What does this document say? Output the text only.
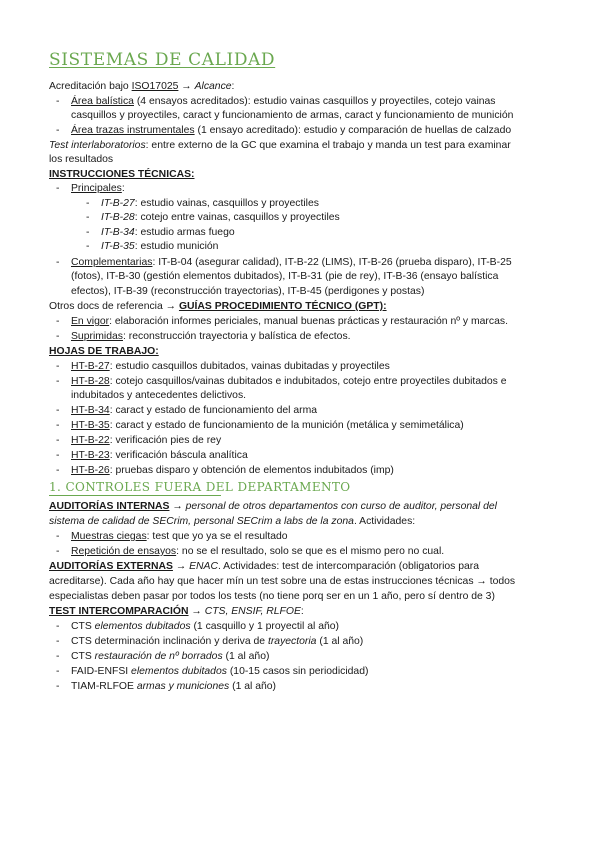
SISTEMAS DE CALIDAD
Acreditación bajo ISO17025 → Alcance:
- Área balística (4 ensayos acreditados): estudio vainas casquillos y proyectiles, cotejo vainas
casquillos y proyectiles, caract y funcionamiento de armas, caract y funcionamiento de munición
- Área trazas instrumentales (1 ensayo acreditado): estudio y comparación de huellas de calzado
Test interlaboratorios: entre externo de la GC que examina el trabajo y manda un test para examinar
los resultados
INSTRUCCIONES TÉCNICAS:
- Principales:
- IT-B-27: estudio vainas, casquillos y proyectiles
- IT-B-28: cotejo entre vainas, casquillos y proyectiles
- IT-B-34: estudio armas fuego
- IT-B-35: estudio munición
- Complementarias: IT-B-04 (asegurar calidad), IT-B-22 (LIMS), IT-B-26 (prueba disparo), IT-B-25
(fotos), IT-B-30 (gestión elementos dubitados), IT-B-31 (pie de rey), IT-B-36 (ensayo balística
efectos), IT-B-39 (reconstrucción trayectorias), IT-B-45 (perdigones y postas)
Otros docs de referencia → GUÍAS PROCEDIMIENTO TÉCNICO (GPT):
- En vigor: elaboración informes periciales, manual buenas prácticas y restauración nº y marcas.
- Suprimidas: reconstrucción trayectoria y balística de efectos.
HOJAS DE TRABAJO:
- HT-B-27: estudio casquillos dubitados, vainas dubitadas y proyectiles
- HT-B-28: cotejo casquillos/vainas dubitados e indubitados, cotejo entre proyectiles dubitados e
indubitados y antecedentes delictivos.
- HT-B-34: caract y estado de funcionamiento del arma
- HT-B-35: caract y estado de funcionamiento de la munición (metálica y semimetálica)
- HT-B-22: verificación pies de rey
- HT-B-23: verificación báscula analítica
- HT-B-26: pruebas disparo y obtención de elementos indubitados (imp)
1. CONTROLES FUERA DEL DEPARTAMENTO
AUDITORÍAS INTERNAS → personal de otros departamentos con curso de auditor, personal del
sistema de calidad de SECrim, personal SECrim a labs de la zona. Actividades:
- Muestras ciegas: test que yo ya se el resultado
- Repetición de ensayos: no se el resultado, solo se que es el mismo pero no cual.
AUDITORÍAS EXTERNAS → ENAC. Actividades: test de intercomparación (obligatorios para
acreditarse). Cada año hay que hacer mín un test sobre una de estas instrucciones técnicas → todos
especialistas deben pasar por todos los tests (no tiene porq ser en un 1 año, pero sí dentro de 3)
TEST INTERCOMPARACIÓN → CTS, ENSIF, RLFOE:
- CTS elementos dubitados (1 casquillo y 1 proyectil al año)
- CTS determinación inclinación y deriva de trayectoria (1 al año)
- CTS restauración de nº borrados (1 al año)
- FAID-ENFSI elementos dubitados (10-15 casos sin periodicidad)
- TIAM-RLFOE armas y municiones (1 al año)
